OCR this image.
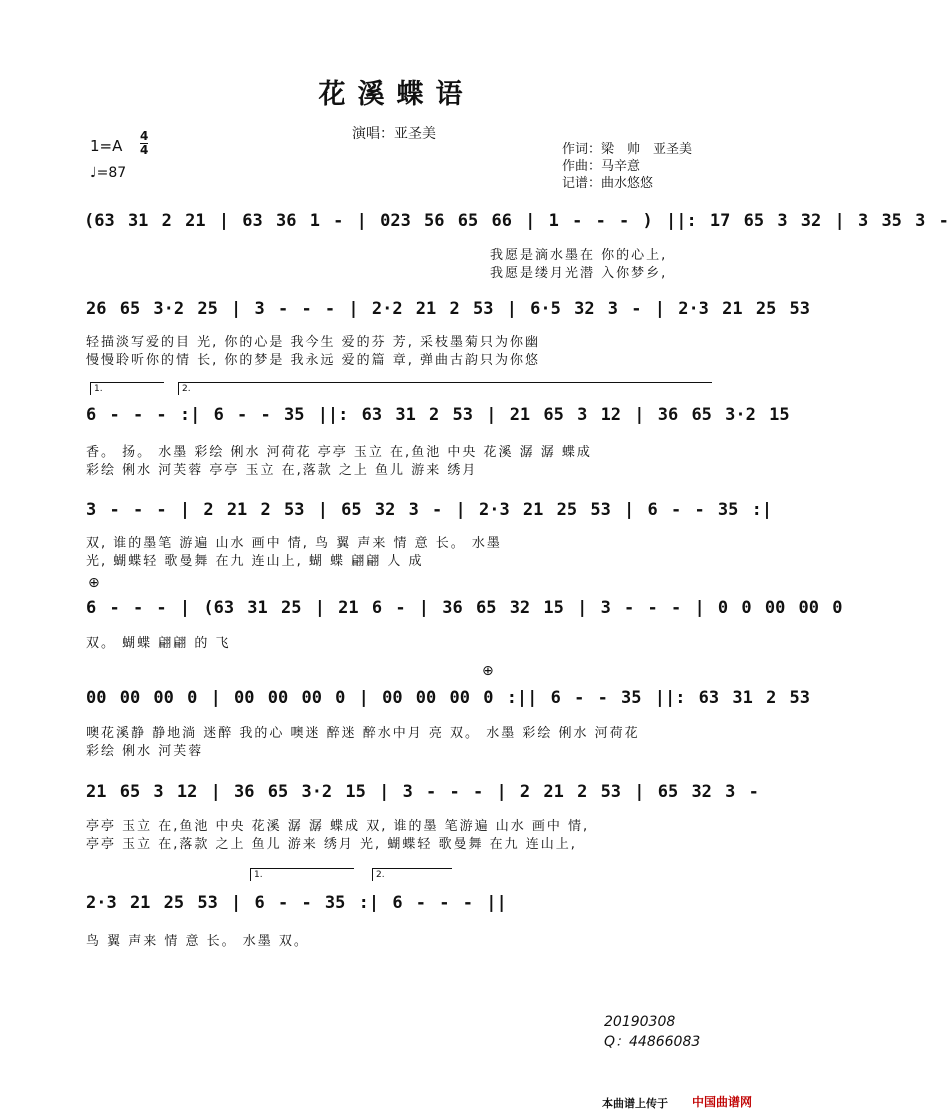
花溪蝶语
演唱：亚圣美
作词：梁　帅　亚圣美
作曲：马辛意
记谱：曲水悠悠
1=A
4
4
♩=87
(63 31 2 21 | 63 36 1 - | 023 56 65 66 | 1 - - - ) ||: 17 65 3 32 | 3 35 3 -
我愿是滴水墨在 你的心上,
我愿是缕月光潜 入你梦乡,
26 65 3·2 25 | 3 - - - | 2·2 21 2 53 | 6·5 32 3 - | 2·3 21 25 53
轻描淡写爱的目 光, 你的心是 我今生 爱的芬 芳, 采枝墨菊只为你幽
慢慢聆听你的情 长, 你的梦是 我永远 爱的篇 章, 弹曲古韵只为你悠
1.	2.
6 - - - :| 6 - - 35 ||: 63 31 2 53 | 21 65 3 12 | 36 65 3·2 15
香。 扬。 水墨 彩绘 俐水 河荷花 亭亭 玉立 在,鱼池 中央 花溪 潺 潺 蝶成
彩绘 俐水 河芙蓉 亭亭 玉立 在,落款 之上 鱼儿 游来 绣月
3 - - - | 2 21 2 53 | 65 32 3 - | 2·3 21 25 53 | 6 - - 35 :|
双, 谁的墨笔 游遍 山水 画中 情, 鸟 翼 声来 情 意 长。 水墨
光, 蝴蝶轻 歌曼舞 在九 连山上, 蝴 蝶 翩翩 人 成
⊕
6 - - - | (63 31 25 | 21 6 - | 36 65 32 15 | 3 - - - | 0 0 00 00 0
双。 蝴蝶 翩翩 的 飞
⊕
00 00 00 0 | 00 00 00 0 | 00 00 00 0 :|| 6 - - 35 ||: 63 31 2 53
噢花溪静 静地淌 迷醉 我的心 噢迷 醉迷 醉水中月 亮 双。 水墨 彩绘 俐水 河荷花
彩绘 俐水 河芙蓉
21 65 3 12 | 36 65 3·2 15 | 3 - - - | 2 21 2 53 | 65 32 3 -
亭亭 玉立 在,鱼池 中央 花溪 潺 潺 蝶成 双, 谁的墨 笔游遍 山水 画中 情,
亭亭 玉立 在,落款 之上 鱼儿 游来 绣月 光, 蝴蝶轻 歌曼舞 在九 连山上,
1.	2.
2·3 21 25 53 | 6 - - 35 :| 6 - - - ||
鸟 翼 声来 情 意 长。 水墨 双。
20190308
Q：44866083
本曲谱上传于 中国曲谱网
